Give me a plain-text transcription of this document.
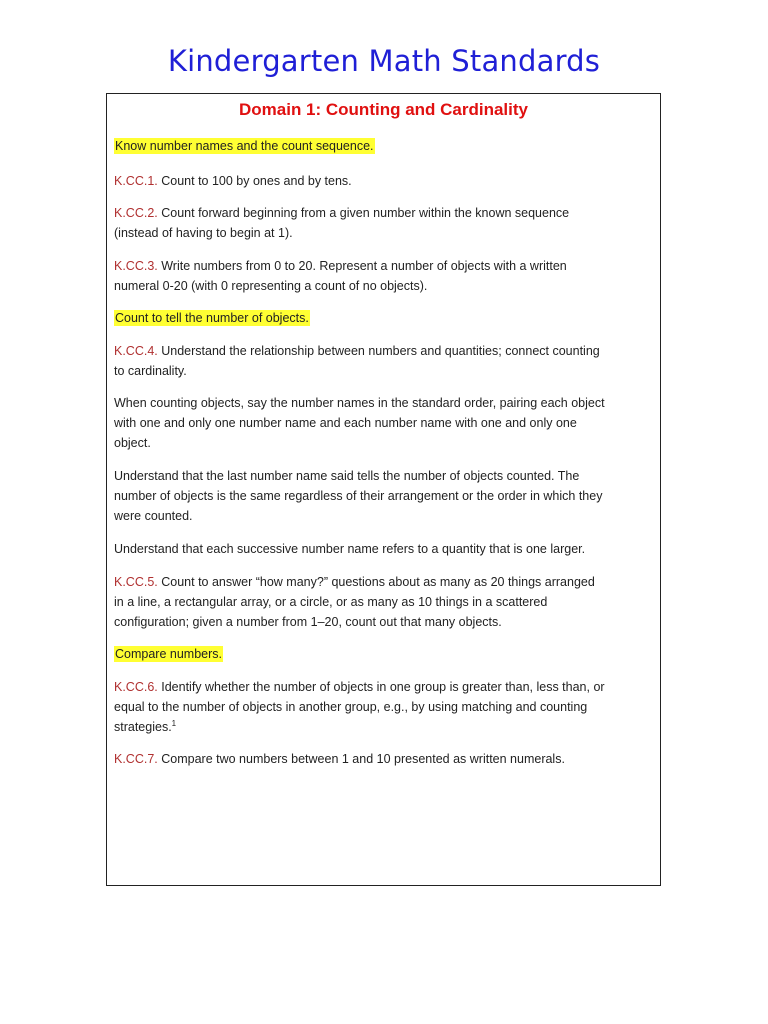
Kindergarten Math Standards
Domain 1: Counting and Cardinality
Know number names and the count sequence.
K.CC.1. Count to 100 by ones and by tens.
K.CC.2. Count forward beginning from a given number within the known sequence
(instead of having to begin at 1).
K.CC.3. Write numbers from 0 to 20. Represent a number of objects with a written
numeral 0-20 (with 0 representing a count of no objects).
Count to tell the number of objects.
K.CC.4. Understand the relationship between numbers and quantities; connect counting
to cardinality.
When counting objects, say the number names in the standard order, pairing each object
with one and only one number name and each number name with one and only one
object.
Understand that the last number name said tells the number of objects counted. The
number of objects is the same regardless of their arrangement or the order in which they
were counted.
Understand that each successive number name refers to a quantity that is one larger.
K.CC.5. Count to answer “how many?” questions about as many as 20 things arranged
in a line, a rectangular array, or a circle, or as many as 10 things in a scattered
configuration; given a number from 1–20, count out that many objects.
Compare numbers.
K.CC.6. Identify whether the number of objects in one group is greater than, less than, or
equal to the number of objects in another group, e.g., by using matching and counting
strategies.$^1$
K.CC.7. Compare two numbers between 1 and 10 presented as written numerals.
